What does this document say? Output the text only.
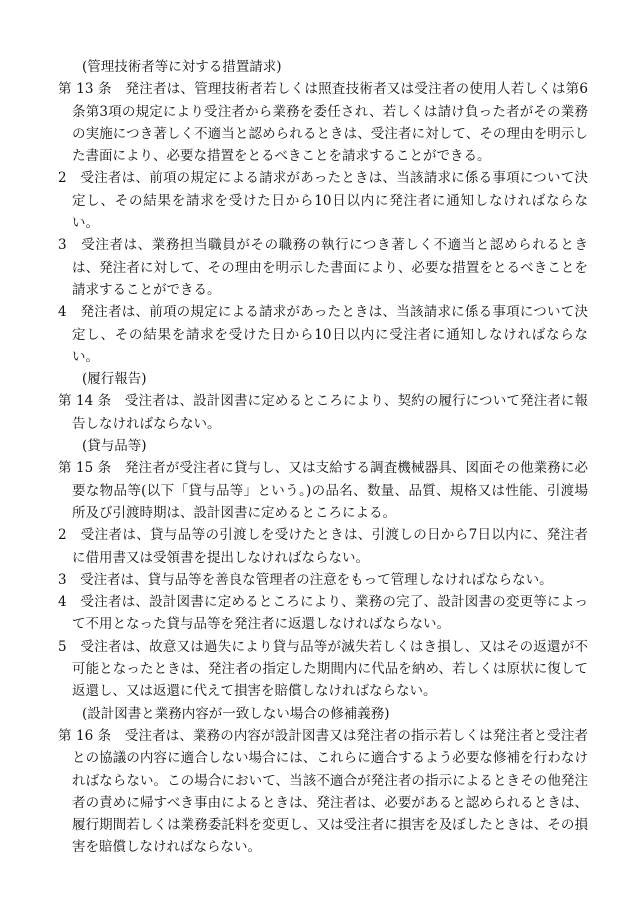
(管理技術者等に対する措置請求)

第 13 条　発注者は、管理技術者若しくは照査技術者又は受注者の使用人若しくは第6条第3項の規定により受注者から業務を委任され、若しくは請け負った者がその業務の実施につき著しく不適当と認められるときは、受注者に対して、その理由を明示した書面により、必要な措置をとるべきことを請求することができる。

2　受注者は、前項の規定による請求があったときは、当該請求に係る事項について決定し、その結果を請求を受けた日から10日以内に発注者に通知しなければならない。

3　受注者は、業務担当職員がその職務の執行につき著しく不適当と認められるときは、発注者に対して、その理由を明示した書面により、必要な措置をとるべきことを請求することができる。

4　発注者は、前項の規定による請求があったときは、当該請求に係る事項について決定し、その結果を請求を受けた日から10日以内に受注者に通知しなければならない。

(履行報告)

第 14 条　受注者は、設計図書に定めるところにより、契約の履行について発注者に報告しなければならない。

(貸与品等)

第 15 条　発注者が受注者に貸与し、又は支給する調査機械器具、図面その他業務に必要な物品等(以下「貸与品等」という。)の品名、数量、品質、規格又は性能、引渡場所及び引渡時期は、設計図書に定めるところによる。

2　受注者は、貸与品等の引渡しを受けたときは、引渡しの日から7日以内に、発注者に借用書又は受領書を提出しなければならない。

3　受注者は、貸与品等を善良な管理者の注意をもって管理しなければならない。

4　受注者は、設計図書に定めるところにより、業務の完了、設計図書の変更等によって不用となった貸与品等を発注者に返還しなければならない。

5　受注者は、故意又は過失により貸与品等が滅失若しくはき損し、又はその返還が不可能となったときは、発注者の指定した期間内に代品を納め、若しくは原状に復して返還し、又は返還に代えて損害を賠償しなければならない。

(設計図書と業務内容が一致しない場合の修補義務)

第 16 条　受注者は、業務の内容が設計図書又は発注者の指示若しくは発注者と受注者との協議の内容に適合しない場合には、これらに適合するよう必要な修補を行わなければならない。この場合において、当該不適合が発注者の指示によるときその他発注者の責めに帰すべき事由によるときは、発注者は、必要があると認められるときは、履行期間若しくは業務委託料を変更し、又は受注者に損害を及ぼしたときは、その損害を賠償しなければならない。
